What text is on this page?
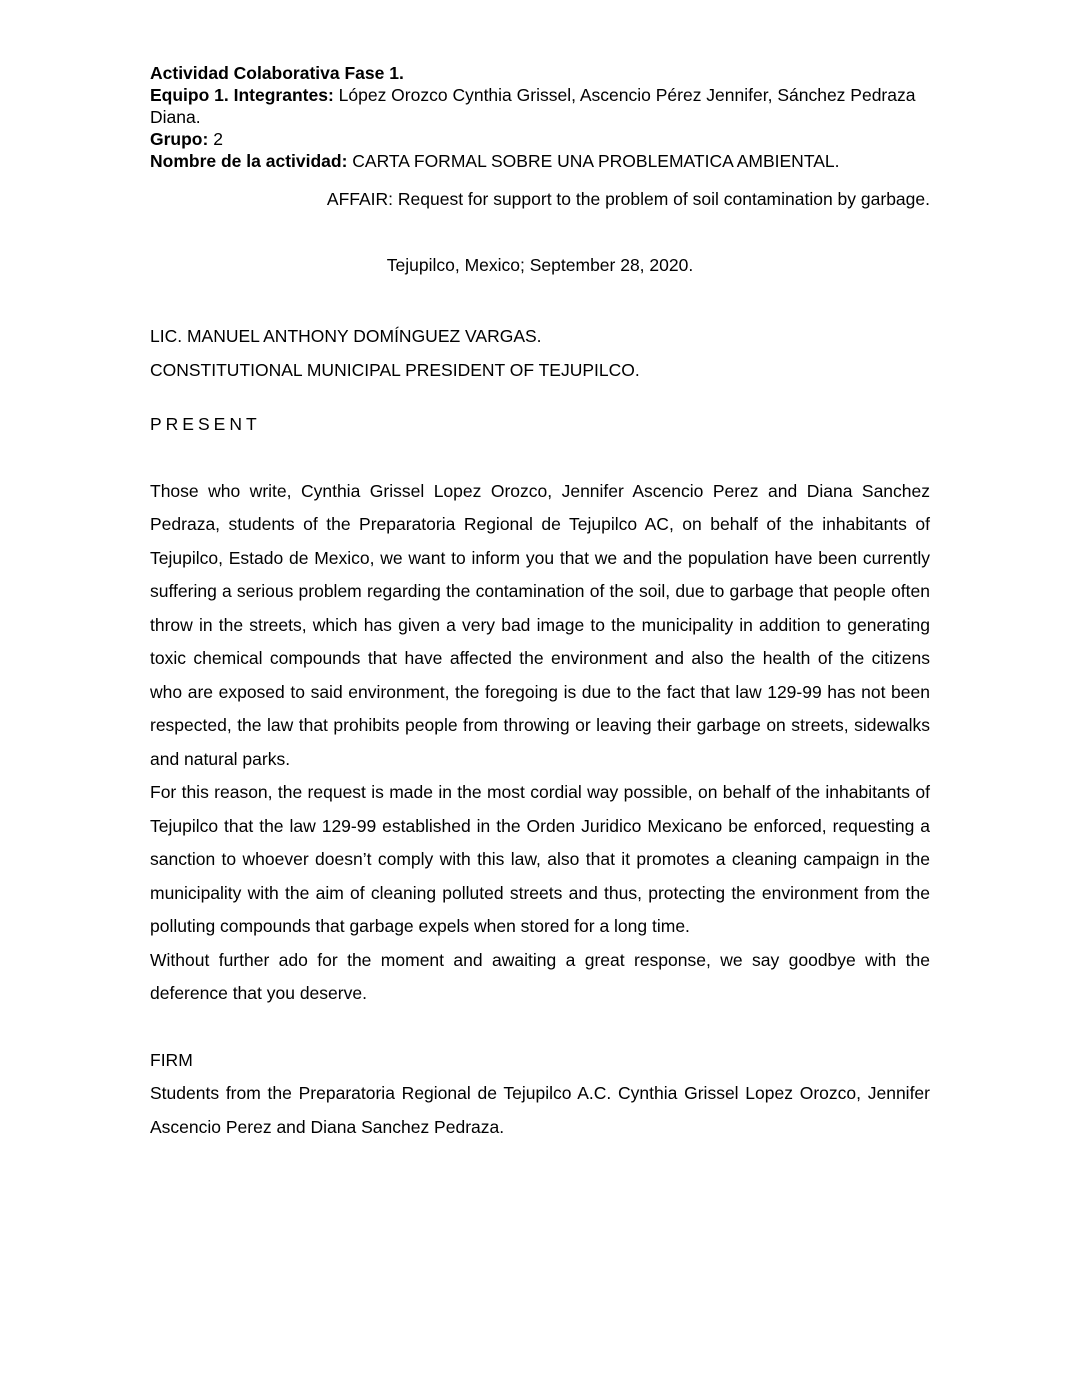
Actividad Colaborativa Fase 1.
Equipo 1. Integrantes: López Orozco Cynthia Grissel, Ascencio Pérez Jennifer, Sánchez Pedraza Diana.
Grupo: 2
Nombre de la actividad: CARTA FORMAL SOBRE UNA PROBLEMATICA AMBIENTAL.
AFFAIR: Request for support to the problem of soil contamination by garbage.
Tejupilco, Mexico; September 28, 2020.
LIC. MANUEL ANTHONY DOMÍNGUEZ VARGAS.
CONSTITUTIONAL MUNICIPAL PRESIDENT OF TEJUPILCO.
PRESENT

Those who write, Cynthia Grissel Lopez Orozco, Jennifer Ascencio Perez and Diana Sanchez Pedraza, students of the Preparatoria Regional de Tejupilco AC, on behalf of the inhabitants of Tejupilco, Estado de Mexico, we want to inform you that we and the population have been currently suffering a serious problem regarding the contamination of the soil, due to garbage that people often throw in the streets, which has given a very bad image to the municipality in addition to generating toxic chemical compounds that have affected the environment and also the health of the citizens who are exposed to said environment, the foregoing is due to the fact that law 129-99 has not been respected, the law that prohibits people from throwing or leaving their garbage on streets, sidewalks and natural parks.

For this reason, the request is made in the most cordial way possible, on behalf of the inhabitants of Tejupilco that the law 129-99 established in the Orden Juridico Mexicano be enforced, requesting a sanction to whoever doesn’t comply with this law, also that it promotes a cleaning campaign in the municipality with the aim of cleaning polluted streets and thus, protecting the environment from the polluting compounds that garbage expels when stored for a long time.

Without further ado for the moment and awaiting a great response, we say goodbye with the deference that you deserve.

FIRM
Students from the Preparatoria Regional de Tejupilco A.C. Cynthia Grissel Lopez Orozco, Jennifer Ascencio Perez and Diana Sanchez Pedraza.
